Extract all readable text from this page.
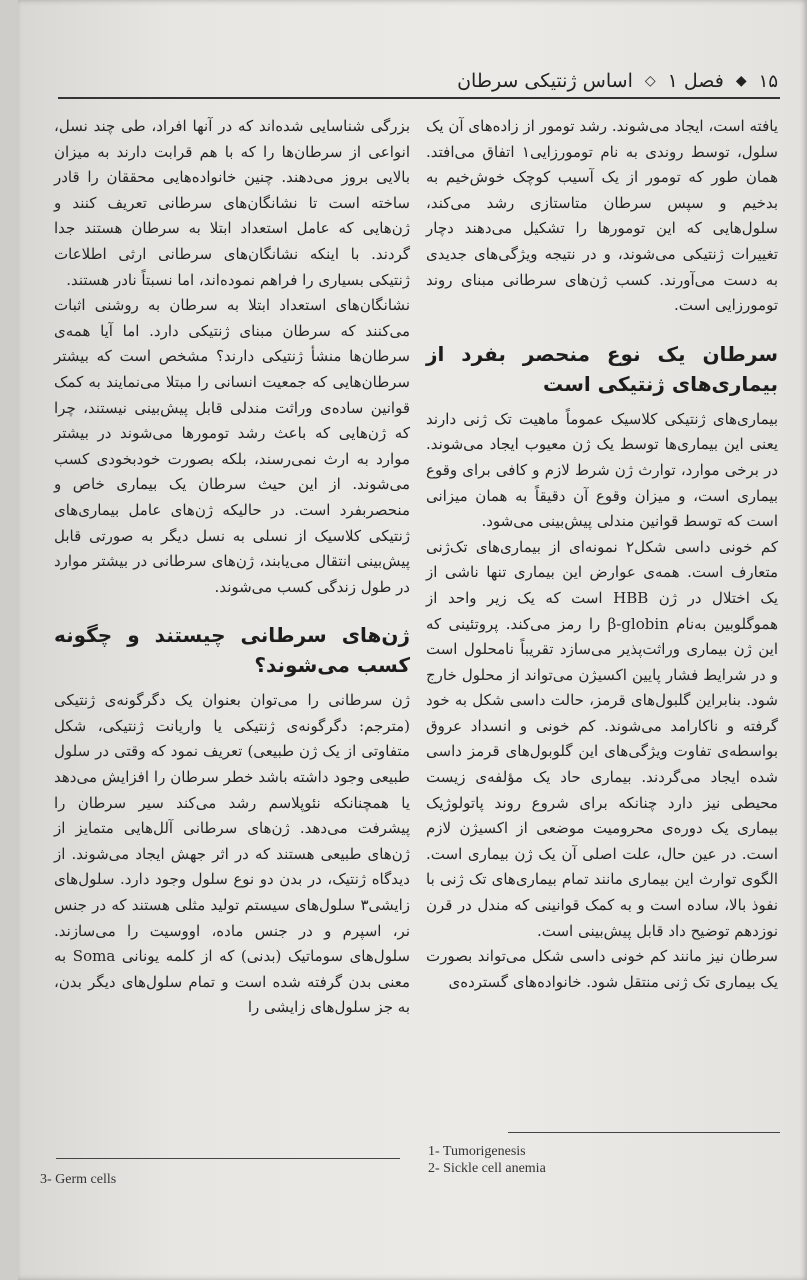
۱۵
◆
فصل ۱
◇
اساس ژنتیکی سرطان

یافته است، ایجاد می‌شوند. رشد تومور از زاده‌های آن یک سلول، توسط روندی به نام تومورزایی۱ اتفاق می‌افتد. همان طور که تومور از یک آسیب کوچک خوش‌خیم به بدخیم و سپس سرطان متاستازی رشد می‌کند، سلول‌هایی که این تومورها را تشکیل می‌دهند دچار تغییرات ژنتیکی می‌شوند، و در نتیجه ویژگی‌های جدیدی به دست می‌آورند. کسب ژن‌های سرطانی مبنای روند تومورزایی است.

سرطان یک نوع منحصر بفرد از بیماری‌های ژنتیکی است

بیماری‌های ژنتیکی کلاسیک عموماً ماهیت تک ژنی دارند یعنی این بیماری‌ها توسط یک ژن معیوب ایجاد می‌شوند. در برخی موارد، توارث ژن شرط لازم و کافی برای وقوع بیماری است، و میزان وقوع آن دقیقاً به همان میزانی است که توسط قوانین مندلی پیش‌بینی می‌شود.

کم خونی داسی شکل۲ نمونه‌ای از بیماری‌های تک‌ژنی متعارف است. همه‌ی عوارض این بیماری تنها ناشی از یک اختلال در ژن HBB است که یک زیر واحد از هموگلوبین به‌نام β-globin را رمز می‌کند. پروتئینی که این ژن بیماری وراثت‌پذیر می‌سازد تقریباً نامحلول است و در شرایط فشار پایین اکسیژن می‌تواند از محلول خارج شود. بنابراین گلبول‌های قرمز، حالت داسی شکل به خود گرفته و ناکارامد می‌شوند. کم خونی و انسداد عروق بواسطه‌ی تفاوت ویژگی‌های این گلوبول‌های قرمز داسی شده ایجاد می‌گردند. بیماری حاد یک مؤلفه‌ی زیست محیطی نیز دارد چنانکه برای شروع روند پاتولوژیک بیماری یک دوره‌ی محرومیت موضعی از اکسیژن لازم است. در عین حال، علت اصلی آن یک ژن بیماری است. الگوی توارث این بیماری مانند تمام بیماری‌های تک ژنی با نفوذ بالا، ساده است و به کمک قوانینی که مندل در قرن نوزدهم توضیح داد قابل پیش‌بینی است.

سرطان نیز مانند کم خونی داسی شکل می‌تواند بصورت یک بیماری تک ژنی منتقل شود. خانواده‌های گسترده‌ی

بزرگی شناسایی شده‌اند که در آنها افراد، طی چند نسل، انواعی از سرطان‌ها را که با هم قرابت دارند به میزان بالایی بروز می‌دهند. چنین خانواده‌هایی محققان را قادر ساخته است تا نشانگان‌های سرطانی تعریف کنند و ژن‌هایی که عامل استعداد ابتلا به سرطان هستند جدا گردند. با اینکه نشانگان‌های سرطانی ارثی اطلاعات ژنتیکی بسیاری را فراهم نموده‌اند، اما نسبتاً نادر هستند.

نشانگان‌های استعداد ابتلا به سرطان به روشنی اثبات می‌کنند که سرطان مبنای ژنتیکی دارد. اما آیا همه‌ی سرطان‌ها منشأ ژنتیکی دارند؟ مشخص است که بیشتر سرطان‌هایی که جمعیت انسانی را مبتلا می‌نمایند به کمک قوانین ساده‌ی وراثت مندلی قابل پیش‌بینی نیستند، چرا که ژن‌هایی که باعث رشد تومورها می‌شوند در بیشتر موارد به ارث نمی‌رسند، بلکه بصورت خودبخودی کسب می‌شوند. از این حیث سرطان یک بیماری خاص و منحصربفرد است. در حالیکه ژن‌های عامل بیماری‌های ژنتیکی کلاسیک از نسلی به نسل دیگر به صورتی قابل پیش‌بینی انتقال می‌یابند، ژن‌های سرطانی در بیشتر موارد در طول زندگی کسب می‌شوند.

ژن‌های سرطانی چیستند و چگونه کسب می‌شوند؟

ژن سرطانی را می‌توان بعنوان یک دگرگونه‌ی ژنتیکی (مترجم: دگرگونه‌ی ژنتیکی یا واریانت ژنتیکی، شکل متفاوتی از یک ژن طبیعی) تعریف نمود که وقتی در سلول طبیعی وجود داشته باشد خطر سرطان را افزایش می‌دهد یا همچنانکه نئوپلاسم رشد می‌کند سیر سرطان را پیشرفت می‌دهد. ژن‌های سرطانی آلل‌هایی متمایز از ژن‌های طبیعی هستند که در اثر جهش ایجاد می‌شوند. از دیدگاه ژنتیک، در بدن دو نوع سلول وجود دارد. سلول‌های زایشی۳ سلول‌های سیستم تولید مثلی هستند که در جنس نر، اسپرم و در جنس ماده، اووسیت را می‌سازند. سلول‌های سوماتیک (بدنی) که از کلمه یونانی Soma به معنی بدن گرفته شده است و تمام سلول‌های دیگر بدن، به جز سلول‌های زایشی را

1- Tumorigenesis
2- Sickle cell anemia
3- Germ cells
